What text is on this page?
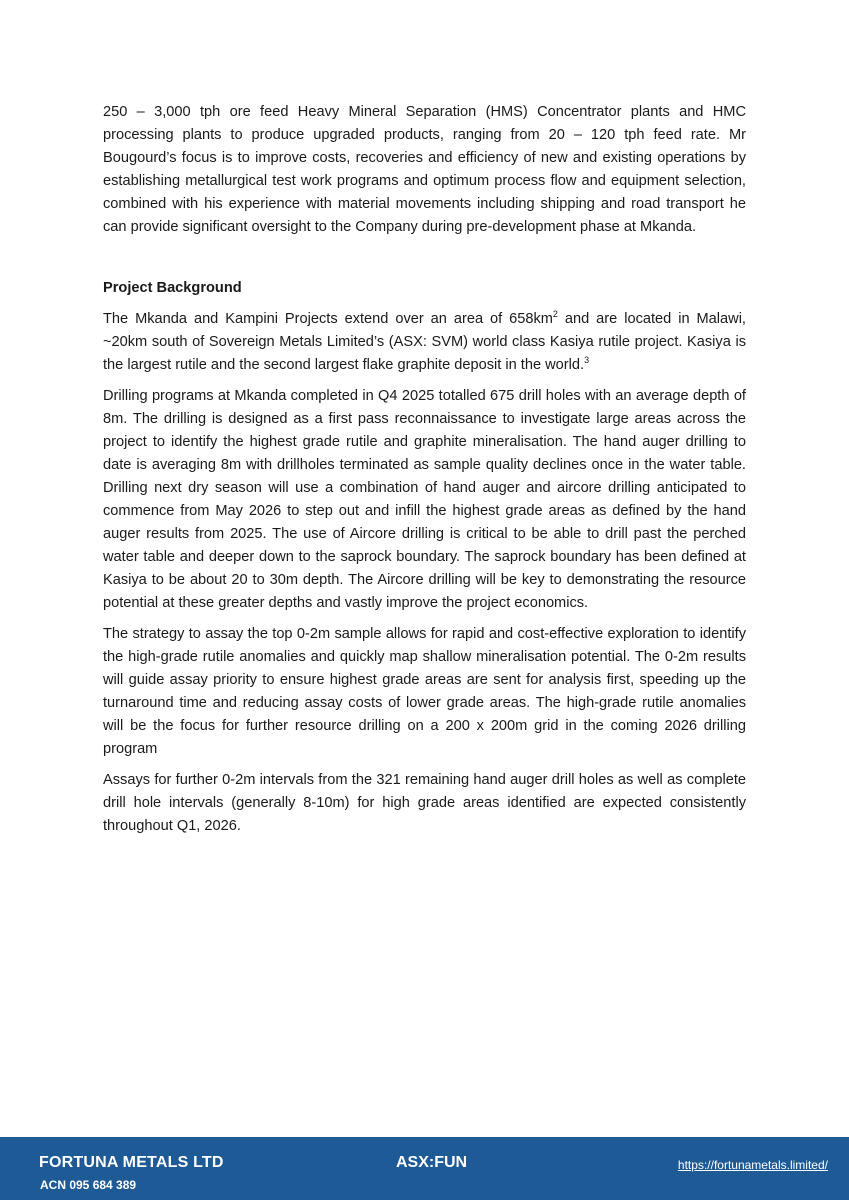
250 – 3,000 tph ore feed Heavy Mineral Separation (HMS) Concentrator plants and HMC processing plants to produce upgraded products, ranging from 20 – 120 tph feed rate. Mr Bougourd’s focus is to improve costs, recoveries and efficiency of new and existing operations by establishing metallurgical test work programs and optimum process flow and equipment selection, combined with his experience with material movements including shipping and road transport he can provide significant oversight to the Company during pre-development phase at Mkanda.

Project Background

The Mkanda and Kampini Projects extend over an area of $658km^2$ and are located in Malawi, ~20km south of Sovereign Metals Limited’s (ASX: SVM) world class Kasiya rutile project. Kasiya is the largest rutile and the second largest flake graphite deposit in the world.$^3$

Drilling programs at Mkanda completed in Q4 2025 totalled 675 drill holes with an average depth of 8m. The drilling is designed as a first pass reconnaissance to investigate large areas across the project to identify the highest grade rutile and graphite mineralisation. The hand auger drilling to date is averaging 8m with drillholes terminated as sample quality declines once in the water table. Drilling next dry season will use a combination of hand auger and aircore drilling anticipated to commence from May 2026 to step out and infill the highest grade areas as defined by the hand auger results from 2025. The use of Aircore drilling is critical to be able to drill past the perched water table and deeper down to the saprock boundary. The saprock boundary has been defined at Kasiya to be about 20 to 30m depth. The Aircore drilling will be key to demonstrating the resource potential at these greater depths and vastly improve the project economics.

The strategy to assay the top 0-2m sample allows for rapid and cost-effective exploration to identify the high-grade rutile anomalies and quickly map shallow mineralisation potential. The 0-2m results will guide assay priority to ensure highest grade areas are sent for analysis first, speeding up the turnaround time and reducing assay costs of lower grade areas. The high-grade rutile anomalies will be the focus for further resource drilling on a 200 x 200m grid in the coming 2026 drilling program

Assays for further 0-2m intervals from the 321 remaining hand auger drill holes as well as complete drill hole intervals (generally 8-10m) for high grade areas identified are expected consistently throughout Q1, 2026.

FORTUNA METALS LTD
ACN 095 684 389
ASX:FUN	https://fortunametals.limited/
